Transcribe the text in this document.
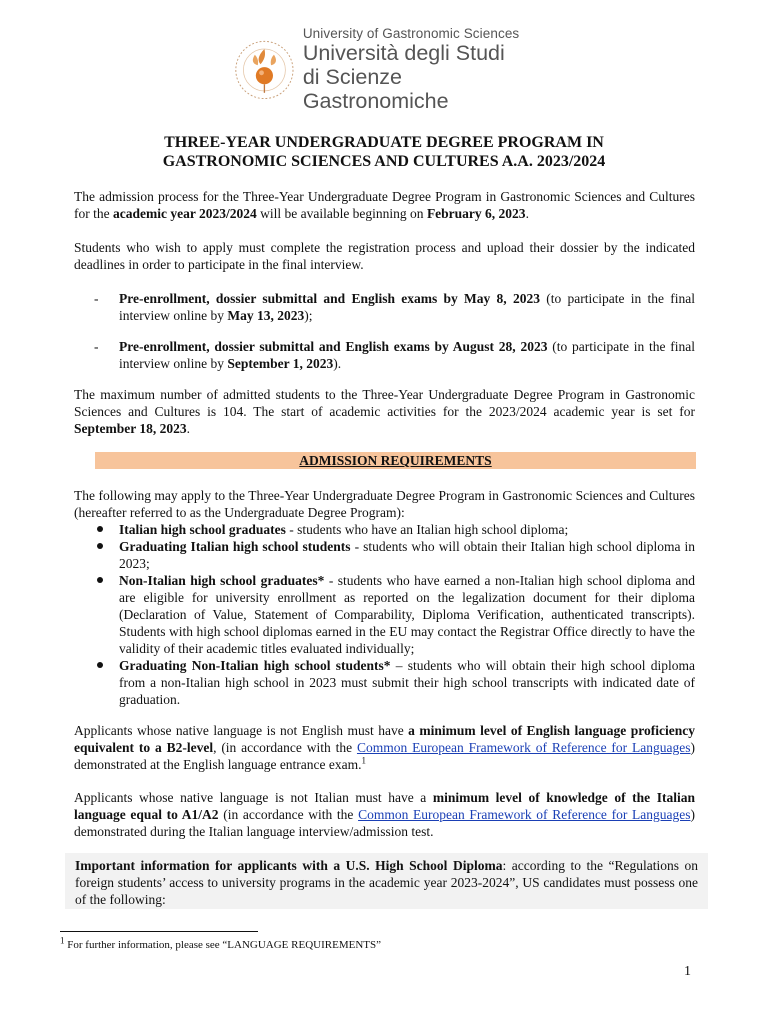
University of Gastronomic Sciences
Università degli Studi
di Scienze Gastronomiche
THREE-YEAR UNDERGRADUATE DEGREE PROGRAM IN
GASTRONOMIC SCIENCES AND CULTURES A.A. 2023/2024
The admission process for the Three-Year Undergraduate Degree Program in Gastronomic Sciences and Cultures for the academic year 2023/2024 will be available beginning on February 6, 2023.
Students who wish to apply must complete the registration process and upload their dossier by the indicated deadlines in order to participate in the final interview.
- Pre-enrollment, dossier submittal and English exams by May 8, 2023 (to participate in the final interview online by May 13, 2023);
- Pre-enrollment, dossier submittal and English exams by August 28, 2023 (to participate in the final interview online by September 1, 2023).
The maximum number of admitted students to the Three-Year Undergraduate Degree Program in Gastronomic Sciences and Cultures is 104. The start of academic activities for the 2023/2024 academic year is set for September 18, 2023.
ADMISSION REQUIREMENTS
The following may apply to the Three-Year Undergraduate Degree Program in Gastronomic Sciences and Cultures (hereafter referred to as the Undergraduate Degree Program):
Italian high school graduates - students who have an Italian high school diploma;
Graduating Italian high school students - students who will obtain their Italian high school diploma in 2023;
Non-Italian high school graduates* - students who have earned a non-Italian high school diploma and are eligible for university enrollment as reported on the legalization document for their diploma (Declaration of Value, Statement of Comparability, Diploma Verification, authenticated transcripts). Students with high school diplomas earned in the EU may contact the Registrar Office directly to have the validity of their academic titles evaluated individually;
Graduating Non-Italian high school students* – students who will obtain their high school diploma from a non-Italian high school in 2023 must submit their high school transcripts with indicated date of graduation.
Applicants whose native language is not English must have a minimum level of English language proficiency equivalent to a B2-level, (in accordance with the Common European Framework of Reference for Languages) demonstrated at the English language entrance exam.$^1$
Applicants whose native language is not Italian must have a minimum level of knowledge of the Italian language equal to A1/A2 (in accordance with the Common European Framework of Reference for Languages) demonstrated during the Italian language interview/admission test.
Important information for applicants with a U.S. High School Diploma: according to the “Regulations on foreign students’ access to university programs in the academic year 2023-2024”, US candidates must possess one of the following:
$^1$ For further information, please see “LANGUAGE REQUIREMENTS”
1
